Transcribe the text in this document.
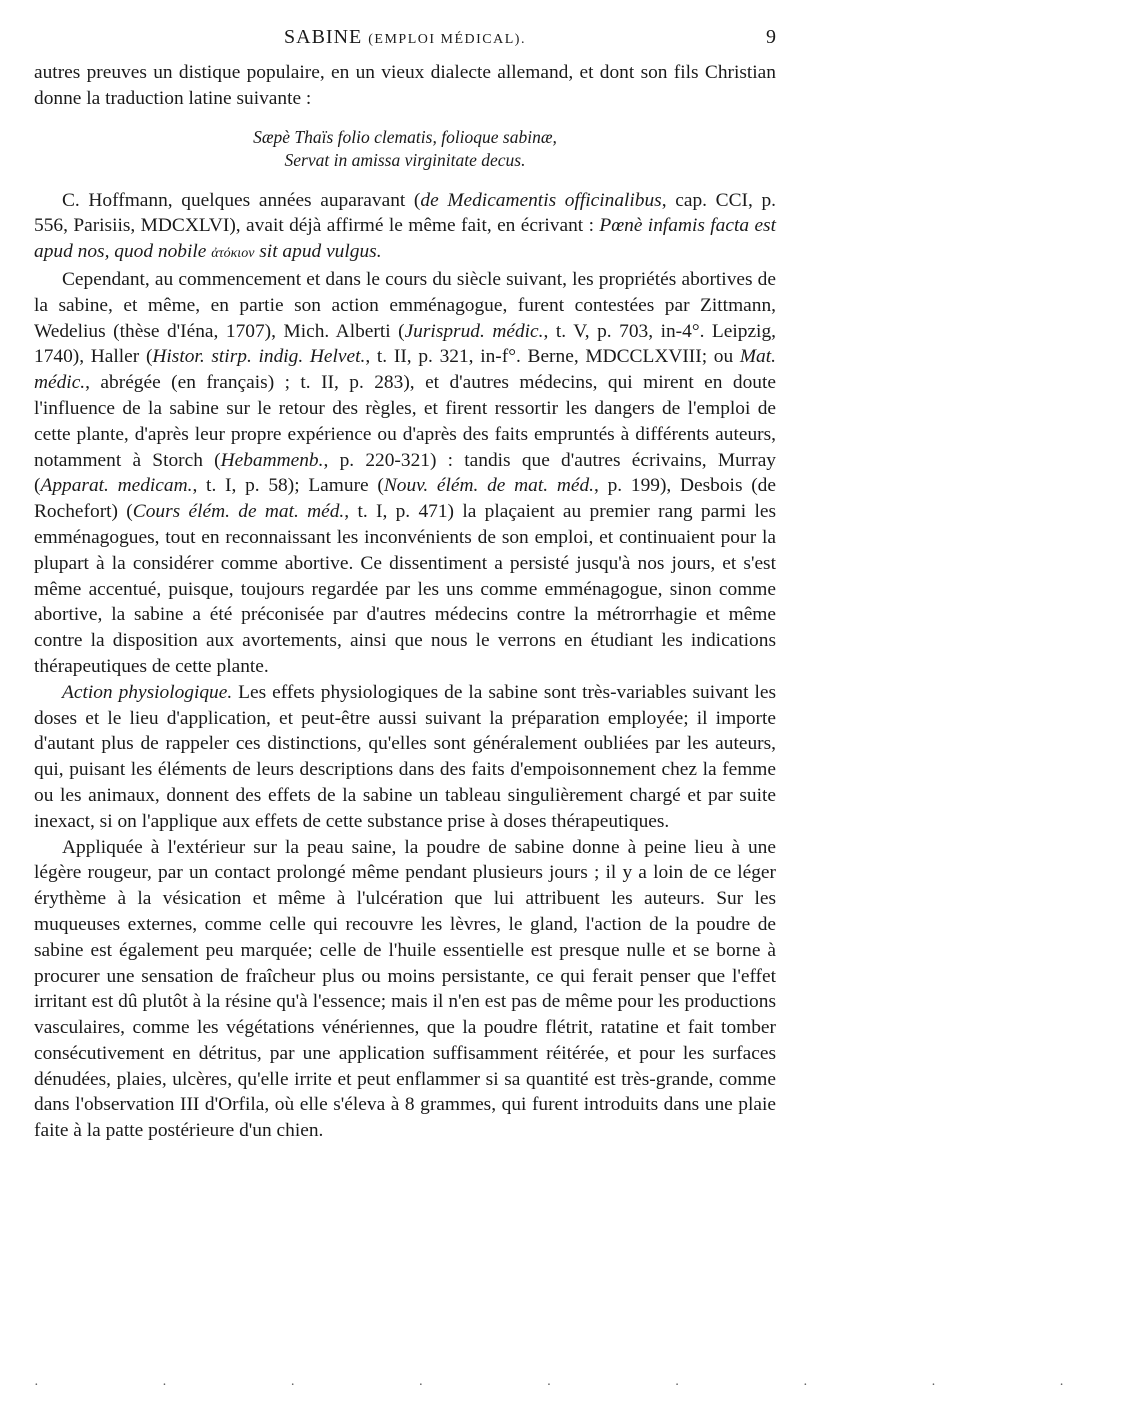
SABINE (EMPLOI MÉDICAL).	9

autres preuves un distique populaire, en un vieux dialecte allemand, et dont son fils Christian donne la traduction latine suivante :

Sæpè Thaïs folio clematis, folioque sabinæ,
Servat in amissa virginitate decus.

C. Hoffmann, quelques années auparavant (de Medicamentis officinalibus, cap. CCI, p. 556, Parisiis, MDCXLVI), avait déjà affirmé le même fait, en écrivant : Pœnè infamis facta est apud nos, quod nobile ἀτόκιον sit apud vulgus.

Cependant, au commencement et dans le cours du siècle suivant, les propriétés abortives de la sabine, et même, en partie son action emménagogue, furent contestées par Zittmann, Wedelius (thèse d'Iéna, 1707), Mich. Alberti (Jurisprud. médic., t. V, p. 703, in-4°. Leipzig, 1740), Haller (Histor. stirp. indig. Helvet., t. II, p. 321, in-f°. Berne, MDCCLXVIII; ou Mat. médic., abrégée (en français) ; t. II, p. 283), et d'autres médecins, qui mirent en doute l'influence de la sabine sur le retour des règles, et firent ressortir les dangers de l'emploi de cette plante, d'après leur propre expérience ou d'après des faits empruntés à différents auteurs, notamment à Storch (Hebammenb., p. 220-321) : tandis que d'autres écrivains, Murray (Apparat. medicam., t. I, p. 58); Lamure (Nouv. élém. de mat. méd., p. 199), Desbois (de Rochefort) (Cours élém. de mat. méd., t. I, p. 471) la plaçaient au premier rang parmi les emménagogues, tout en reconnaissant les inconvénients de son emploi, et continuaient pour la plupart à la considérer comme abortive. Ce dissentiment a persisté jusqu'à nos jours, et s'est même accentué, puisque, toujours regardée par les uns comme emménagogue, sinon comme abortive, la sabine a été préconisée par d'autres médecins contre la métrorrhagie et même contre la disposition aux avortements, ainsi que nous le verrons en étudiant les indications thérapeutiques de cette plante.

Action physiologique. Les effets physiologiques de la sabine sont très-variables suivant les doses et le lieu d'application, et peut-être aussi suivant la préparation employée; il importe d'autant plus de rappeler ces distinctions, qu'elles sont généralement oubliées par les auteurs, qui, puisant les éléments de leurs descriptions dans des faits d'empoisonnement chez la femme ou les animaux, donnent des effets de la sabine un tableau singulièrement chargé et par suite inexact, si on l'applique aux effets de cette substance prise à doses thérapeutiques.

Appliquée à l'extérieur sur la peau saine, la poudre de sabine donne à peine lieu à une légère rougeur, par un contact prolongé même pendant plusieurs jours ; il y a loin de ce léger érythème à la vésication et même à l'ulcération que lui attribuent les auteurs. Sur les muqueuses externes, comme celle qui recouvre les lèvres, le gland, l'action de la poudre de sabine est également peu marquée; celle de l'huile essentielle est presque nulle et se borne à procurer une sensation de fraîcheur plus ou moins persistante, ce qui ferait penser que l'effet irritant est dû plutôt à la résine qu'à l'essence; mais il n'en est pas de même pour les productions vasculaires, comme les végétations vénériennes, que la poudre flétrit, ratatine et fait tomber consécutivement en détritus, par une application suffisamment réitérée, et pour les surfaces dénudées, plaies, ulcères, qu'elle irrite et peut enflammer si sa quantité est très-grande, comme dans l'observation III d'Orfila, où elle s'éleva à 8 grammes, qui furent introduits dans une plaie faite à la patte postérieure d'un chien.

· · · · · · · · ·
